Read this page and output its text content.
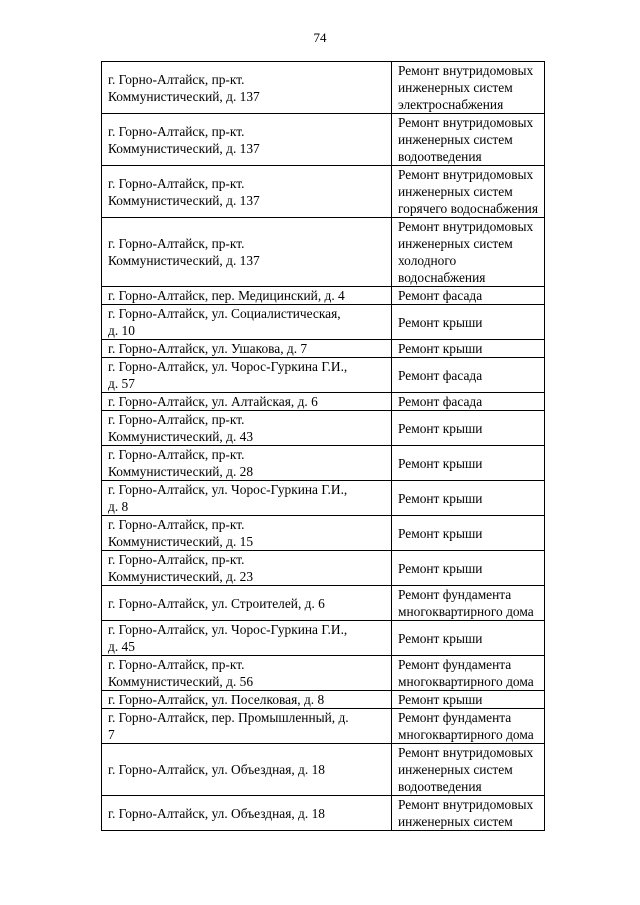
74
г. Горно-Алтайск, пр-кт.
Коммунистический, д. 137	Ремонт внутридомовых
инженерных систем
электроснабжения

г. Горно-Алтайск, пр-кт.
Коммунистический, д. 137	Ремонт внутридомовых
инженерных систем
водоотведения

г. Горно-Алтайск, пр-кт.
Коммунистический, д. 137	Ремонт внутридомовых
инженерных систем
горячего водоснабжения

г. Горно-Алтайск, пр-кт.
Коммунистический, д. 137	Ремонт внутридомовых
инженерных систем
холодного водоснабжения

г. Горно-Алтайск, пер. Медицинский, д. 4	Ремонт фасада

г. Горно-Алтайск, ул. Социалистическая,
д. 10	Ремонт крыши

г. Горно-Алтайск, ул. Ушакова, д. 7	Ремонт крыши

г. Горно-Алтайск, ул. Чорос-Гуркина Г.И.,
д. 57	Ремонт фасада

г. Горно-Алтайск, ул. Алтайская, д. 6	Ремонт фасада

г. Горно-Алтайск, пр-кт.
Коммунистический, д. 43	Ремонт крыши

г. Горно-Алтайск, пр-кт.
Коммунистический, д. 28	Ремонт крыши

г. Горно-Алтайск, ул. Чорос-Гуркина Г.И.,
д. 8	Ремонт крыши

г. Горно-Алтайск, пр-кт.
Коммунистический, д. 15	Ремонт крыши

г. Горно-Алтайск, пр-кт.
Коммунистический, д. 23	Ремонт крыши

г. Горно-Алтайск, ул. Строителей, д. 6	Ремонт фундамента
многоквартирного дома

г. Горно-Алтайск, ул. Чорос-Гуркина Г.И.,
д. 45	Ремонт крыши

г. Горно-Алтайск, пр-кт.
Коммунистический, д. 56	Ремонт фундамента
многоквартирного дома

г. Горно-Алтайск, ул. Поселковая, д. 8	Ремонт крыши

г. Горно-Алтайск, пер. Промышленный, д.
7	Ремонт фундамента
многоквартирного дома

г. Горно-Алтайск, ул. Объездная, д. 18	Ремонт внутридомовых
инженерных систем
водоотведения

г. Горно-Алтайск, ул. Объездная, д. 18	Ремонт внутридомовых
инженерных систем
